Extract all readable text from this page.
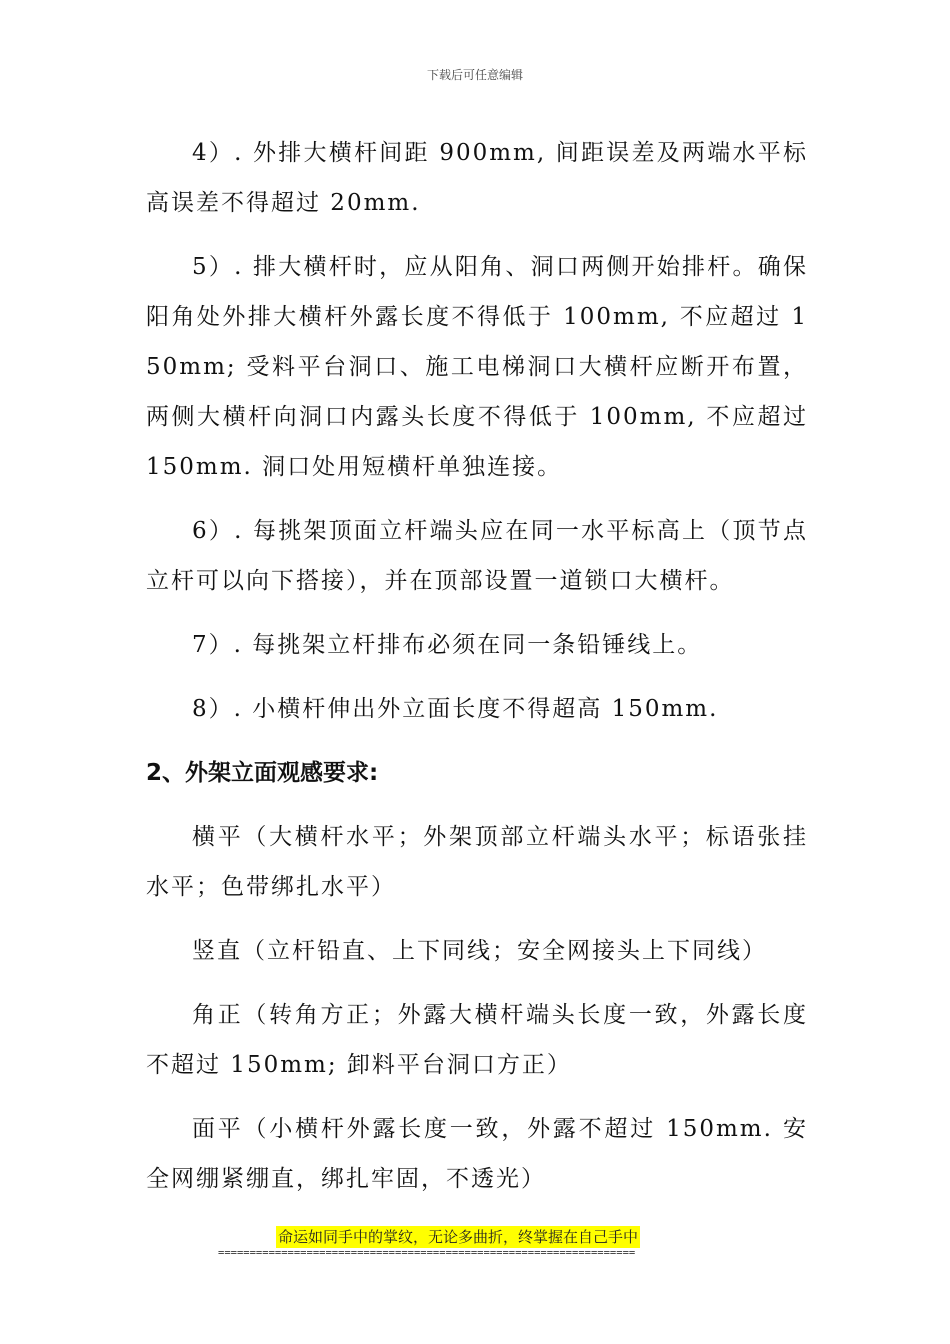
下载后可任意编辑

4）. 外排大横杆间距 900mm, 间距误差及两端水平标高误差不得超过 20mm.

5）. 排大横杆时，应从阳角、洞口两侧开始排杆。确保阳角处外排大横杆外露长度不得低于 100mm, 不应超过 150mm; 受料平台洞口、施工电梯洞口大横杆应断开布置，两侧大横杆向洞口内露头长度不得低于 100mm, 不应超过 150mm. 洞口处用短横杆单独连接。

6）. 每挑架顶面立杆端头应在同一水平标高上（顶节点立杆可以向下搭接），并在顶部设置一道锁口大横杆。

7）. 每挑架立杆排布必须在同一条铅锤线上。

8）. 小横杆伸出外立面长度不得超高 150mm.

2、外架立面观感要求:

横平（大横杆水平；外架顶部立杆端头水平；标语张挂水平；色带绑扎水平）

竖直（立杆铅直、上下同线；安全网接头上下同线）

角正（转角方正；外露大横杆端头长度一致，外露长度不超过 150mm; 卸料平台洞口方正）

面平（小横杆外露长度一致，外露不超过 150mm. 安全网绷紧绷直，绑扎牢固，不透光）

命运如同手中的掌纹，无论多曲折，终掌握在自己手中
==================================================================
